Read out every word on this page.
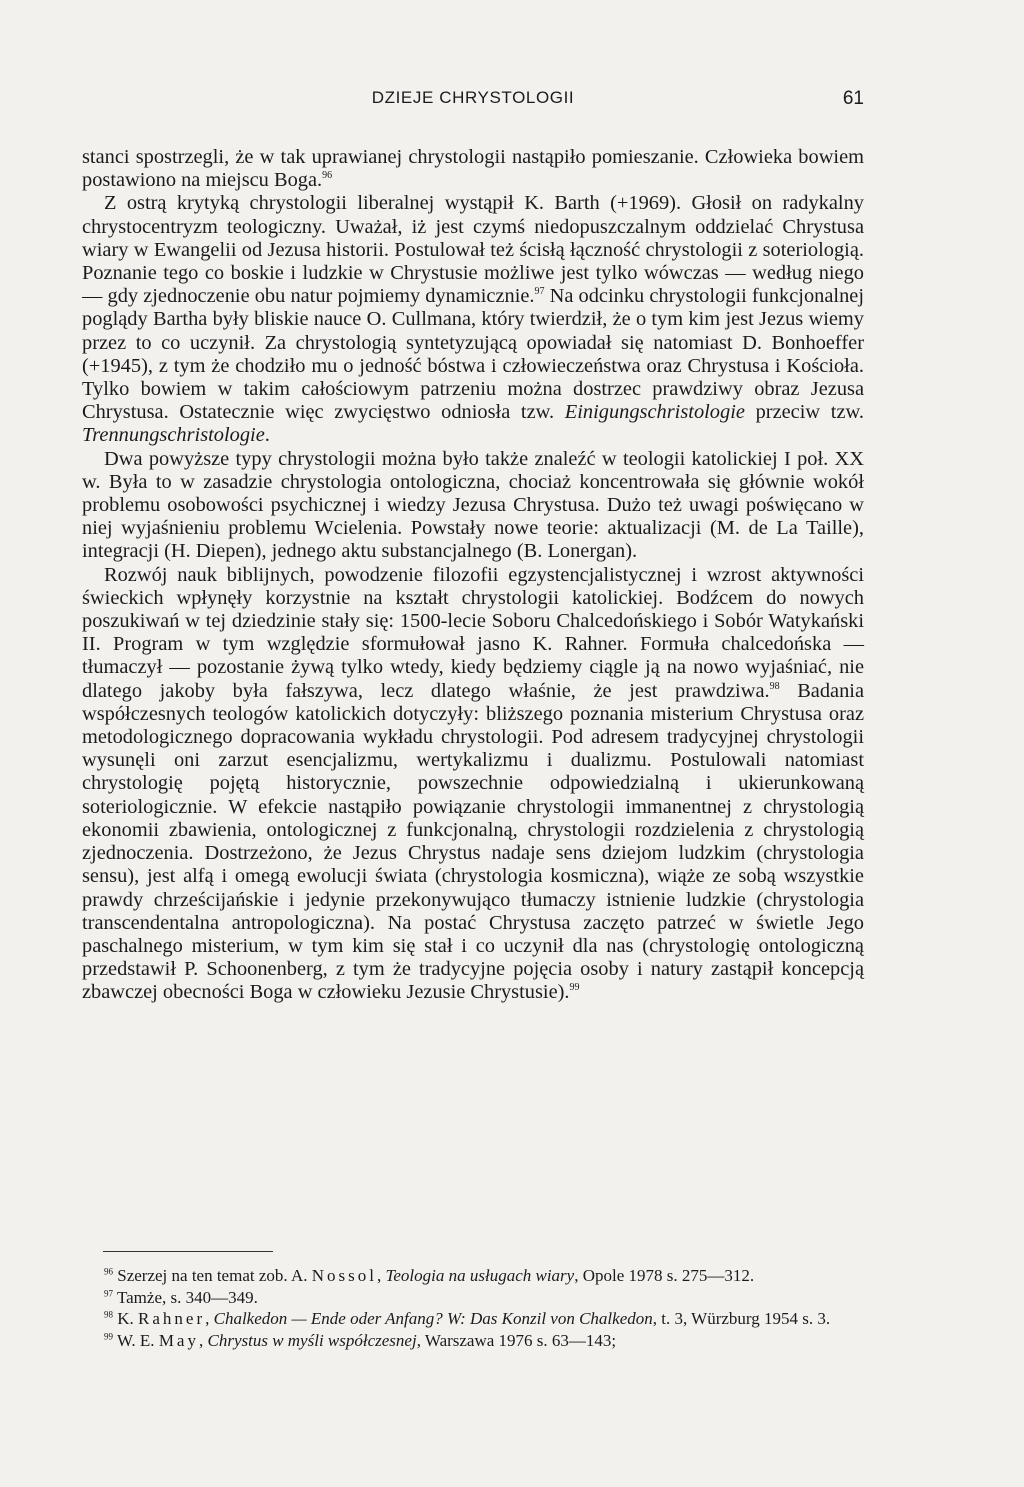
DZIEJE CHRYSTOLOGII	61

stanci spostrzegli, że w tak uprawianej chrystologii nastąpiło pomieszanie. Człowieka bowiem postawiono na miejscu Boga.$^{96}$

Z ostrą krytyką chrystologii liberalnej wystąpił K. Barth (+1969). Głosił on radykalny chrystocentryzm teologiczny. Uważał, iż jest czymś niedopuszczalnym oddzielać Chrystusa wiary w Ewangelii od Jezusa historii. Postulował też ścisłą łączność chrystologii z soteriologią. Poznanie tego co boskie i ludzkie w Chrystusie możliwe jest tylko wówczas — według niego — gdy zjednoczenie obu natur pojmiemy dynamicznie.$^{97}$ Na odcinku chrystologii funkcjonalnej poglądy Bartha były bliskie nauce O. Cullmana, który twierdził, że o tym kim jest Jezus wiemy przez to co uczynił. Za chrystologią syntetyzującą opowiadał się natomiast D. Bonhoeffer (+1945), z tym że chodziło mu o jedność bóstwa i człowieczeństwa oraz Chrystusa i Kościoła. Tylko bowiem w takim całościowym patrzeniu można dostrzec prawdziwy obraz Jezusa Chrystusa. Ostatecznie więc zwycięstwo odniosła tzw. Einigungschristologie przeciw tzw. Trennungschristologie.

Dwa powyższe typy chrystologii można było także znaleźć w teologii katolickiej I poł. XX w. Była to w zasadzie chrystologia ontologiczna, chociaż koncentrowała się głównie wokół problemu osobowości psychicznej i wiedzy Jezusa Chrystusa. Dużo też uwagi poświęcano w niej wyjaśnieniu problemu Wcielenia. Powstały nowe teorie: aktualizacji (M. de La Taille), integracji (H. Diepen), jednego aktu substancjalnego (B. Lonergan).

Rozwój nauk biblijnych, powodzenie filozofii egzystencjalistycznej i wzrost aktywności świeckich wpłynęły korzystnie na kształt chrystologii katolickiej. Bodźcem do nowych poszukiwań w tej dziedzinie stały się: 1500-lecie Soboru Chalcedońskiego i Sobór Watykański II. Program w tym względzie sformułował jasno K. Rahner. Formuła chalcedońska — tłumaczył — pozostanie żywą tylko wtedy, kiedy będziemy ciągle ją na nowo wyjaśniać, nie dlatego jakoby była fałszywa, lecz dlatego właśnie, że jest prawdziwa.$^{98}$ Badania współczesnych teologów katolickich dotyczyły: bliższego poznania misterium Chrystusa oraz metodologicznego dopracowania wykładu chrystologii. Pod adresem tradycyjnej chrystologii wysunęli oni zarzut esencjalizmu, wertykalizmu i dualizmu. Postulowali natomiast chrystologię pojętą historycznie, powszechnie odpowiedzialną i ukierunkowaną soteriologicznie. W efekcie nastąpiło powiązanie chrystologii immanentnej z chrystologią ekonomii zbawienia, ontologicznej z funkcjonalną, chrystologii rozdzielenia z chrystologią zjednoczenia. Dostrzeżono, że Jezus Chrystus nadaje sens dziejom ludzkim (chrystologia sensu), jest alfą i omegą ewolucji świata (chrystologia kosmiczna), wiąże ze sobą wszystkie prawdy chrześcijańskie i jedynie przekonywująco tłumaczy istnienie ludzkie (chrystologia transcendentalna antropologiczna). Na postać Chrystusa zaczęto patrzeć w świetle Jego paschalnego misterium, w tym kim się stał i co uczynił dla nas (chrystologię ontologiczną przedstawił P. Schoonenberg, z tym że tradycyjne pojęcia osoby i natury zastąpił koncepcją zbawczej obecności Boga w człowieku Jezusie Chrystusie).$^{99}$

$^{96}$ Szerzej na ten temat zob. A. Nossol, Teologia na usługach wiary, Opole 1978 s. 275—312.

$^{97}$ Tamże, s. 340—349.

$^{98}$ K. Rahner, Chalkedon — Ende oder Anfang? W: Das Konzil von Chalkedon, t. 3, Würzburg 1954 s. 3.

$^{99}$ W. E. May, Chrystus w myśli współczesnej, Warszawa 1976 s. 63—143;
